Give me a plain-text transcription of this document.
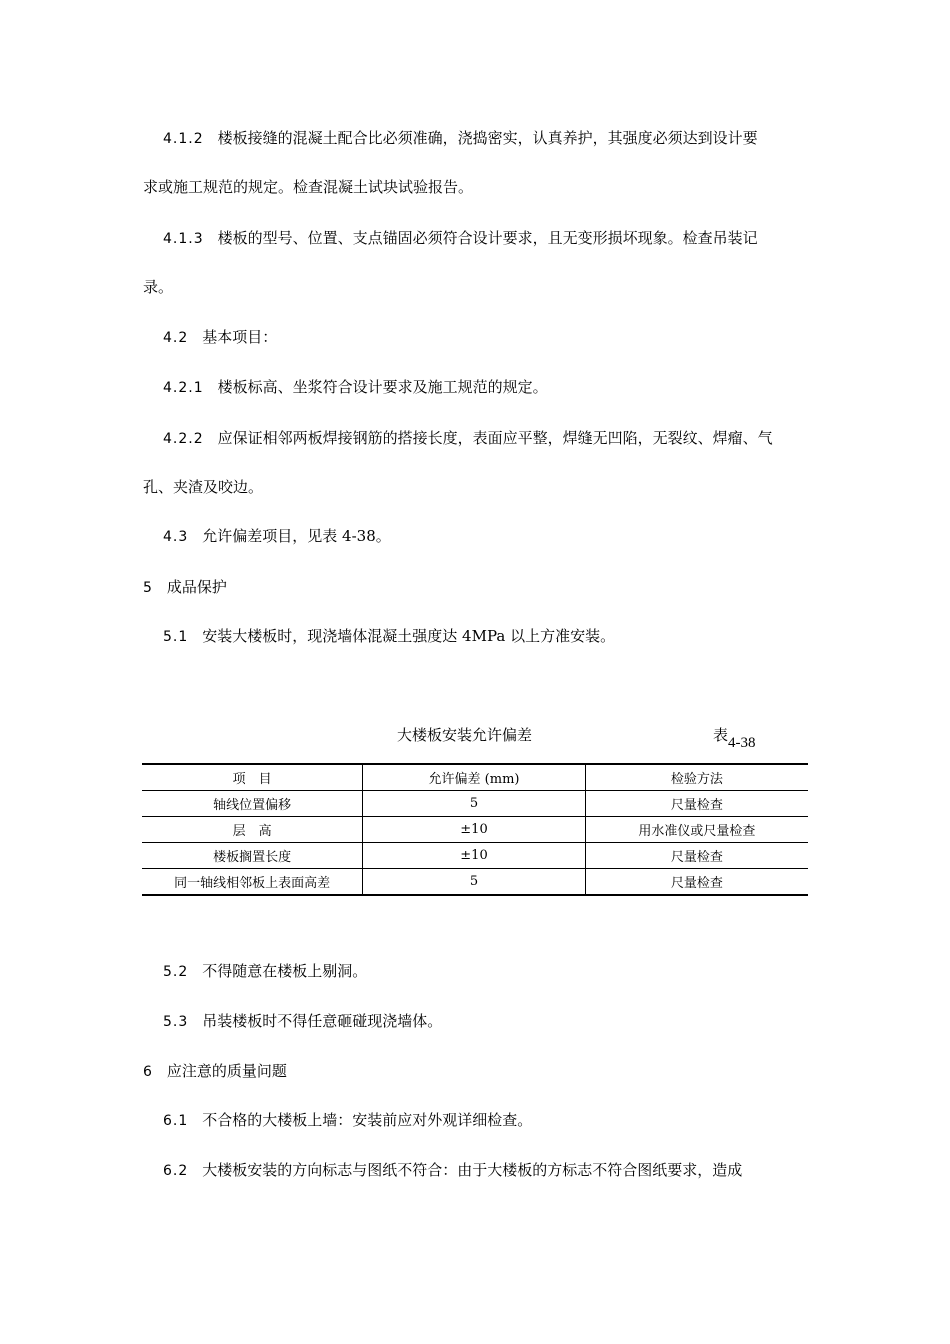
4.1.2 楼板接缝的混凝土配合比必须准确，浇捣密实，认真养护，其强度必须达到设计要
求或施工规范的规定。检查混凝土试块试验报告。
4.1.3 楼板的型号、位置、支点锚固必须符合设计要求，且无变形损坏现象。检查吊装记
录。
4.2 基本项目：
4.2.1 楼板标高、坐浆符合设计要求及施工规范的规定。
4.2.2 应保证相邻两板焊接钢筋的搭接长度，表面应平整，焊缝无凹陷，无裂纹、焊瘤、气
孔、夹渣及咬边。
4.3 允许偏差项目，见表 4-38。
5 成品保护
5.1 安装大楼板时，现浇墙体混凝土强度达 4MPa 以上方准安装。
大楼板安装允许偏差	表4-38
项　目	允许偏差 (mm)	检验方法
轴线位置偏移	5	尺量检查
层　高	±10	用水准仪或尺量检查
楼板搁置长度	±10	尺量检查
同一轴线相邻板上表面高差	5	尺量检查
5.2 不得随意在楼板上剔洞。
5.3 吊装楼板时不得任意砸碰现浇墙体。
6 应注意的质量问题
6.1 不合格的大楼板上墙：安装前应对外观详细检查。
6.2 大楼板安装的方向标志与图纸不符合：由于大楼板的方标志不符合图纸要求，造成
